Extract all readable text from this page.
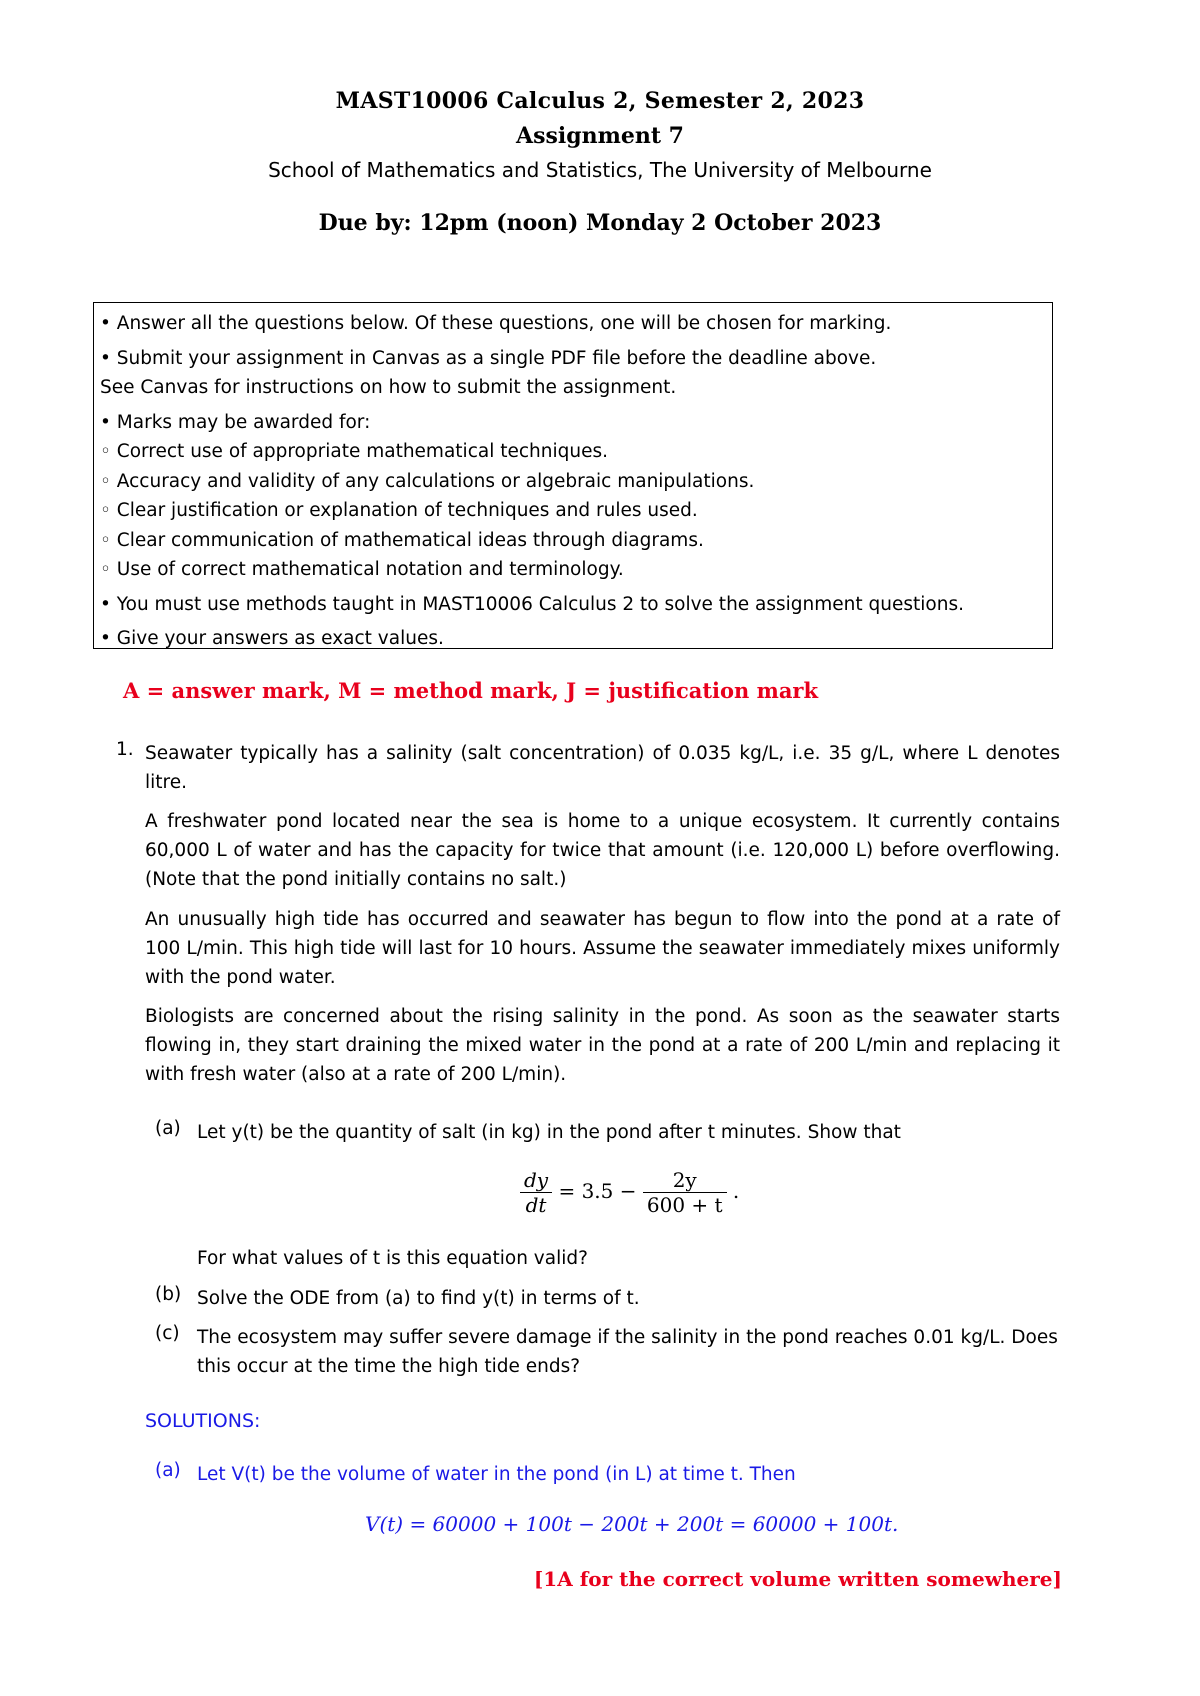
MAST10006 Calculus 2, Semester 2, 2023
Assignment 7
School of Mathematics and Statistics, The University of Melbourne
Due by: 12pm (noon) Monday 2 October 2023
• Answer all the questions below. Of these questions, one will be chosen for marking.
• Submit your assignment in Canvas as a single PDF file before the deadline above.
See Canvas for instructions on how to submit the assignment.
• Marks may be awarded for:
◦ Correct use of appropriate mathematical techniques.
◦ Accuracy and validity of any calculations or algebraic manipulations.
◦ Clear justification or explanation of techniques and rules used.
◦ Clear communication of mathematical ideas through diagrams.
◦ Use of correct mathematical notation and terminology.
• You must use methods taught in MAST10006 Calculus 2 to solve the assignment questions.
• Give your answers as exact values.
A = answer mark, M = method mark, J = justification mark
1. Seawater typically has a salinity (salt concentration) of 0.035 kg/L, i.e. 35 g/L, where L denotes litre.
A freshwater pond located near the sea is home to a unique ecosystem. It currently contains 60,000 L of water and has the capacity for twice that amount (i.e. 120,000 L) before overflowing. (Note that the pond initially contains no salt.)
An unusually high tide has occurred and seawater has begun to flow into the pond at a rate of 100 L/min. This high tide will last for 10 hours. Assume the seawater immediately mixes uniformly with the pond water.
Biologists are concerned about the rising salinity in the pond. As soon as the seawater starts flowing in, they start draining the mixed water in the pond at a rate of 200 L/min and replacing it with fresh water (also at a rate of 200 L/min).
(a) Let y(t) be the quantity of salt (in kg) in the pond after t minutes. Show that
$\frac{dy}{dt} = 3.5 - \frac{2y}{600 + t}$ .
For what values of t is this equation valid?
(b) Solve the ODE from (a) to find y(t) in terms of t.
(c) The ecosystem may suffer severe damage if the salinity in the pond reaches 0.01 kg/L. Does this occur at the time the high tide ends?
SOLUTIONS:
(a) Let V(t) be the volume of water in the pond (in L) at time t. Then
V(t) = 60000 + 100t − 200t + 200t = 60000 + 100t.
[1A for the correct volume written somewhere]
